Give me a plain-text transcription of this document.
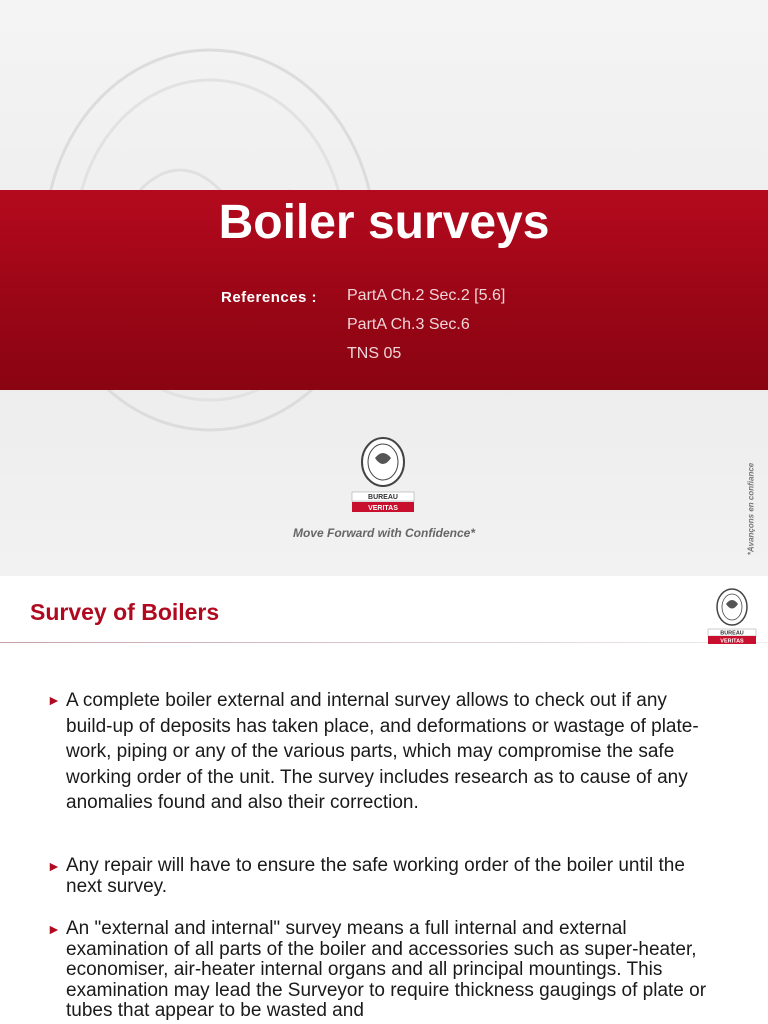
Boiler surveys
References : PartA Ch.2 Sec.2 [5.6]
PartA Ch.3 Sec.6
TNS 05
BUREAU
VERITAS
Move Forward with Confidence*	*Avançons en confiance
Survey of Boilers
BUREAU
VERITAS
► A complete boiler external and internal survey allows to check out if any build-up of deposits has taken place, and deformations or wastage of plate-work, piping or any of the various parts, which may compromise the safe working order of the unit. The survey includes research as to cause of any anomalies found and also their correction.
► Any repair will have to ensure the safe working order of the boiler until the next survey.
► An "external and internal" survey means a full internal and external examination of all parts of the boiler and accessories such as super-heater, economiser, air-heater internal organs and all principal mountings. This examination may lead the Surveyor to require thickness gaugings of plate or tubes that appear to be wasted and
